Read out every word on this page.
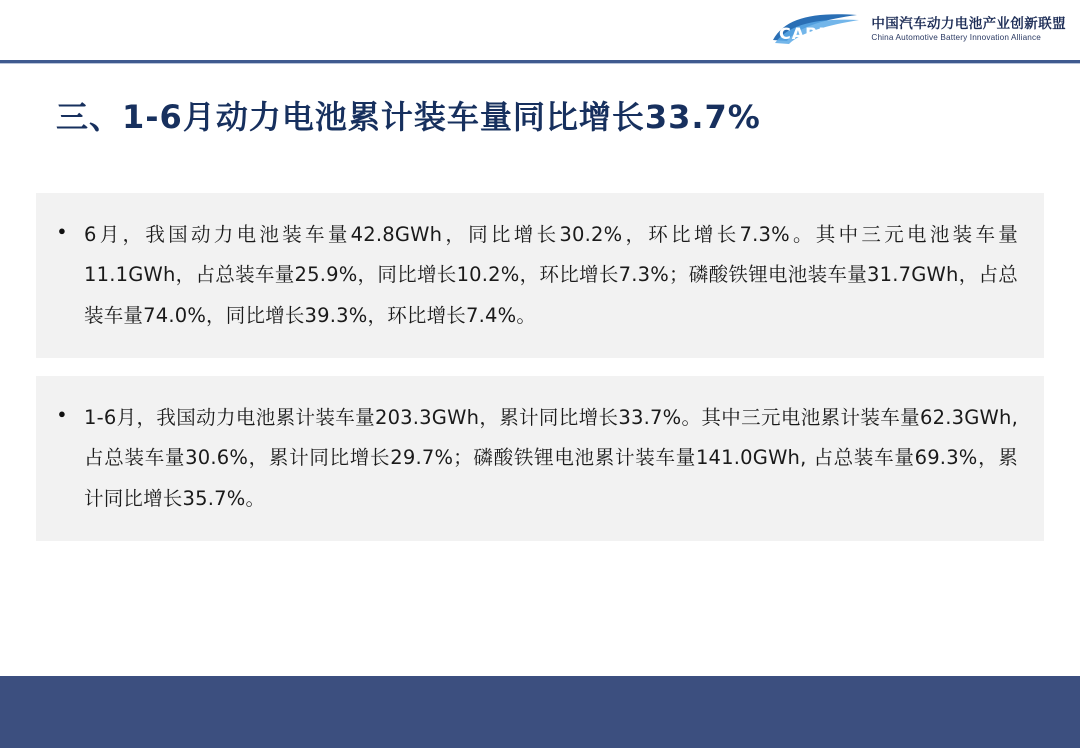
CABIA
中国汽车动力电池产业创新联盟
China Automotive Battery Innovation Alliance
三、1-6月动力电池累计装车量同比增长33.7%
● 6月，我国动力电池装车量42.8GWh，同比增长30.2%，环比增长7.3%。其中三元电池装车量11.1GWh，占总装车量25.9%，同比增长10.2%，环比增长7.3%；磷酸铁锂电池装车量31.7GWh，占总装车量74.0%，同比增长39.3%，环比增长7.4%。
● 1-6月，我国动力电池累计装车量203.3GWh，累计同比增长33.7%。其中三元电池累计装车量62.3GWh, 占总装车量30.6%，累计同比增长29.7%；磷酸铁锂电池累计装车量141.0GWh, 占总装车量69.3%，累计同比增长35.7%。
